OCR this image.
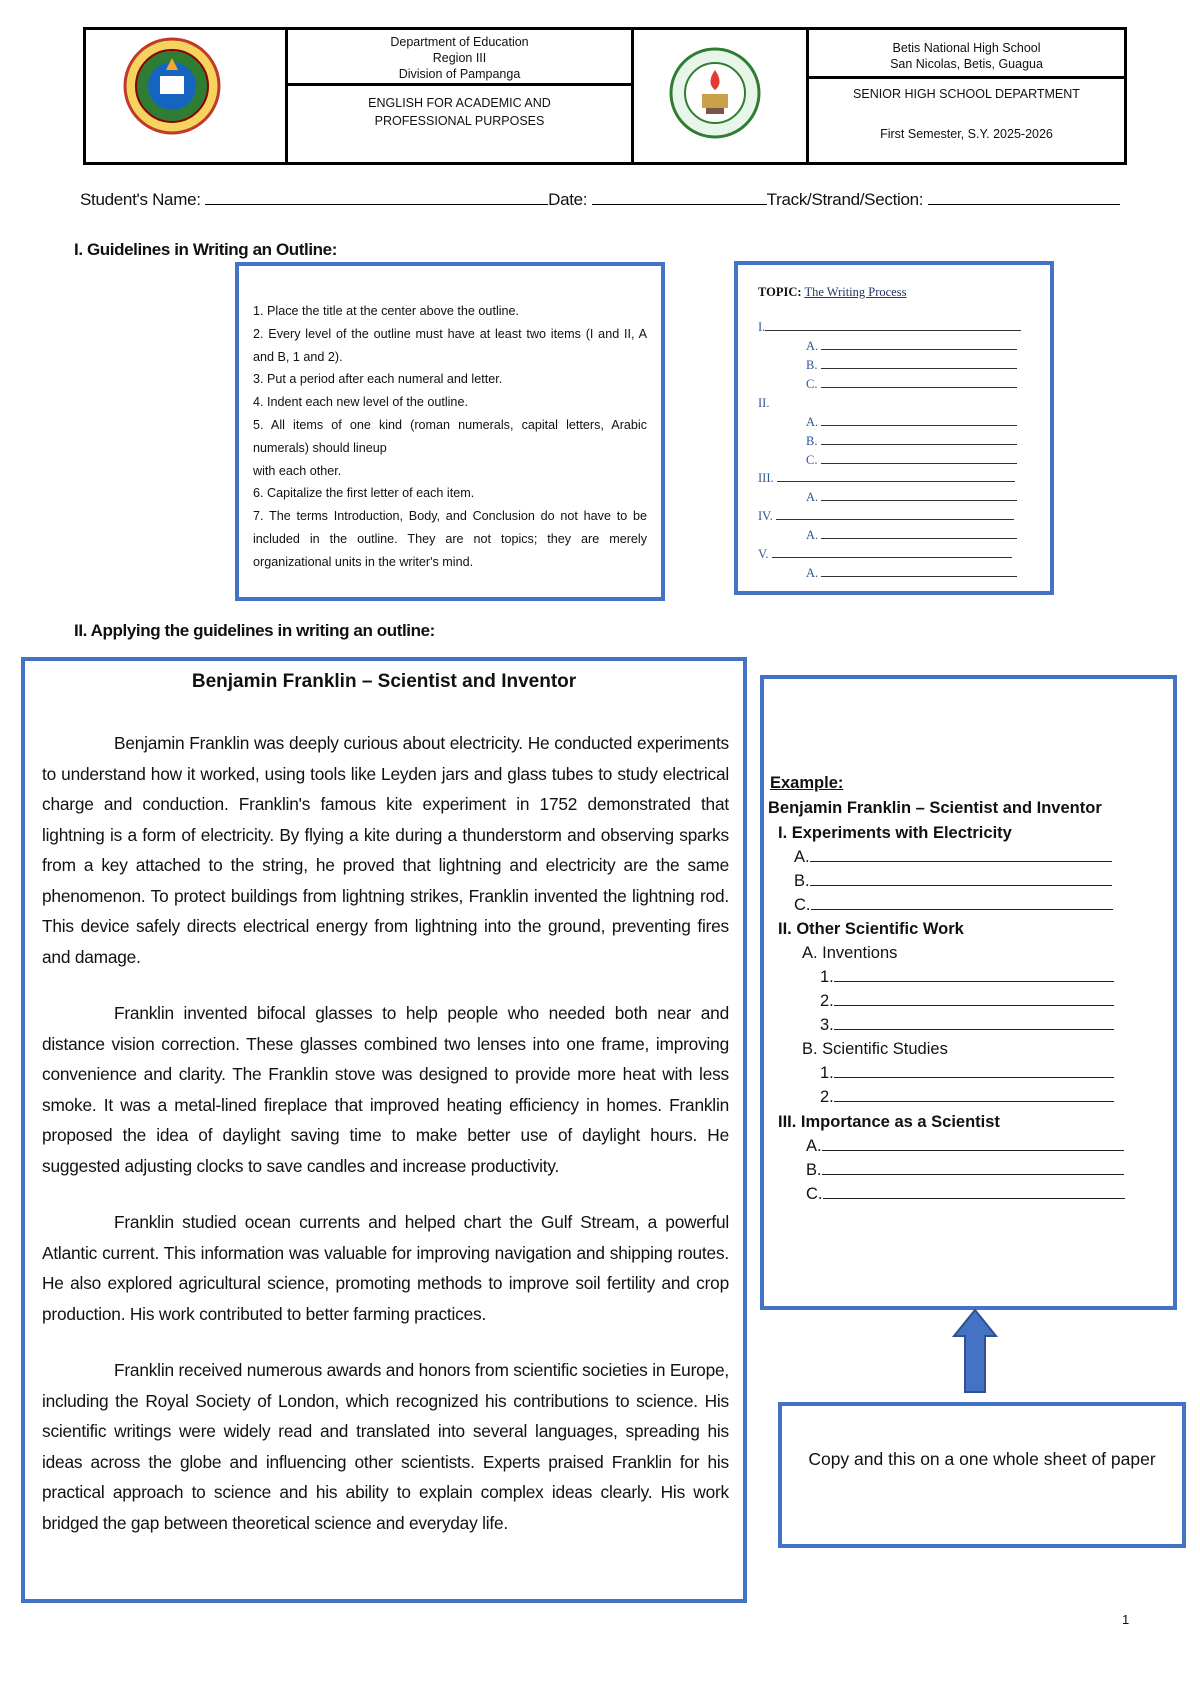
Department of Education
Region III
Division of Pampanga
ENGLISH FOR ACADEMIC AND PROFESSIONAL PURPOSES
Betis National High School
San Nicolas, Betis, Guagua
SENIOR HIGH SCHOOL DEPARTMENT
First Semester, S.Y. 2025-2026
Student's Name:	Date:	Track/Strand/Section:
I. Guidelines in Writing an Outline:
1. Place the title at the center above the outline.
2. Every level of the outline must have at least two items (I and II, A and B, 1 and 2).
3. Put a period after each numeral and letter.
4. Indent each new level of the outline.
5. All items of one kind (roman numerals, capital letters, Arabic numerals) should lineup
with each other.
6. Capitalize the first letter of each item.
7. The terms Introduction, Body, and Conclusion do not have to be included in the outline. They are not topics; they are merely organizational units in the writer's mind.
TOPIC: The Writing Process
I.
A.
B.
C.
II.
A.
B.
C.
III.
A.
IV.
A.
V.
A.
II. Applying the guidelines in writing an outline:
Benjamin Franklin – Scientist and Inventor

Benjamin Franklin was deeply curious about electricity. He conducted experiments to understand how it worked, using tools like Leyden jars and glass tubes to study electrical charge and conduction. Franklin's famous kite experiment in 1752 demonstrated that lightning is a form of electricity. By flying a kite during a thunderstorm and observing sparks from a key attached to the string, he proved that lightning and electricity are the same phenomenon. To protect buildings from lightning strikes, Franklin invented the lightning rod. This device safely directs electrical energy from lightning into the ground, preventing fires and damage.

Franklin invented bifocal glasses to help people who needed both near and distance vision correction. These glasses combined two lenses into one frame, improving convenience and clarity. The Franklin stove was designed to provide more heat with less smoke. It was a metal-lined fireplace that improved heating efficiency in homes. Franklin proposed the idea of daylight saving time to make better use of daylight hours. He suggested adjusting clocks to save candles and increase productivity.

Franklin studied ocean currents and helped chart the Gulf Stream, a powerful Atlantic current. This information was valuable for improving navigation and shipping routes. He also explored agricultural science, promoting methods to improve soil fertility and crop production. His work contributed to better farming practices.

Franklin received numerous awards and honors from scientific societies in Europe, including the Royal Society of London, which recognized his contributions to science. His scientific writings were widely read and translated into several languages, spreading his ideas across the globe and influencing other scientists. Experts praised Franklin for his practical approach to science and his ability to explain complex ideas clearly. His work bridged the gap between theoretical science and everyday life.

Example:
Benjamin Franklin – Scientist and Inventor
I. Experiments with Electricity
A.
B.
C.
II. Other Scientific Work
A. Inventions
1.
2.
3.
B. Scientific Studies
1.
2.
III. Importance as a Scientist
A.
B.
C.
Copy and this on a one whole sheet of paper
1
